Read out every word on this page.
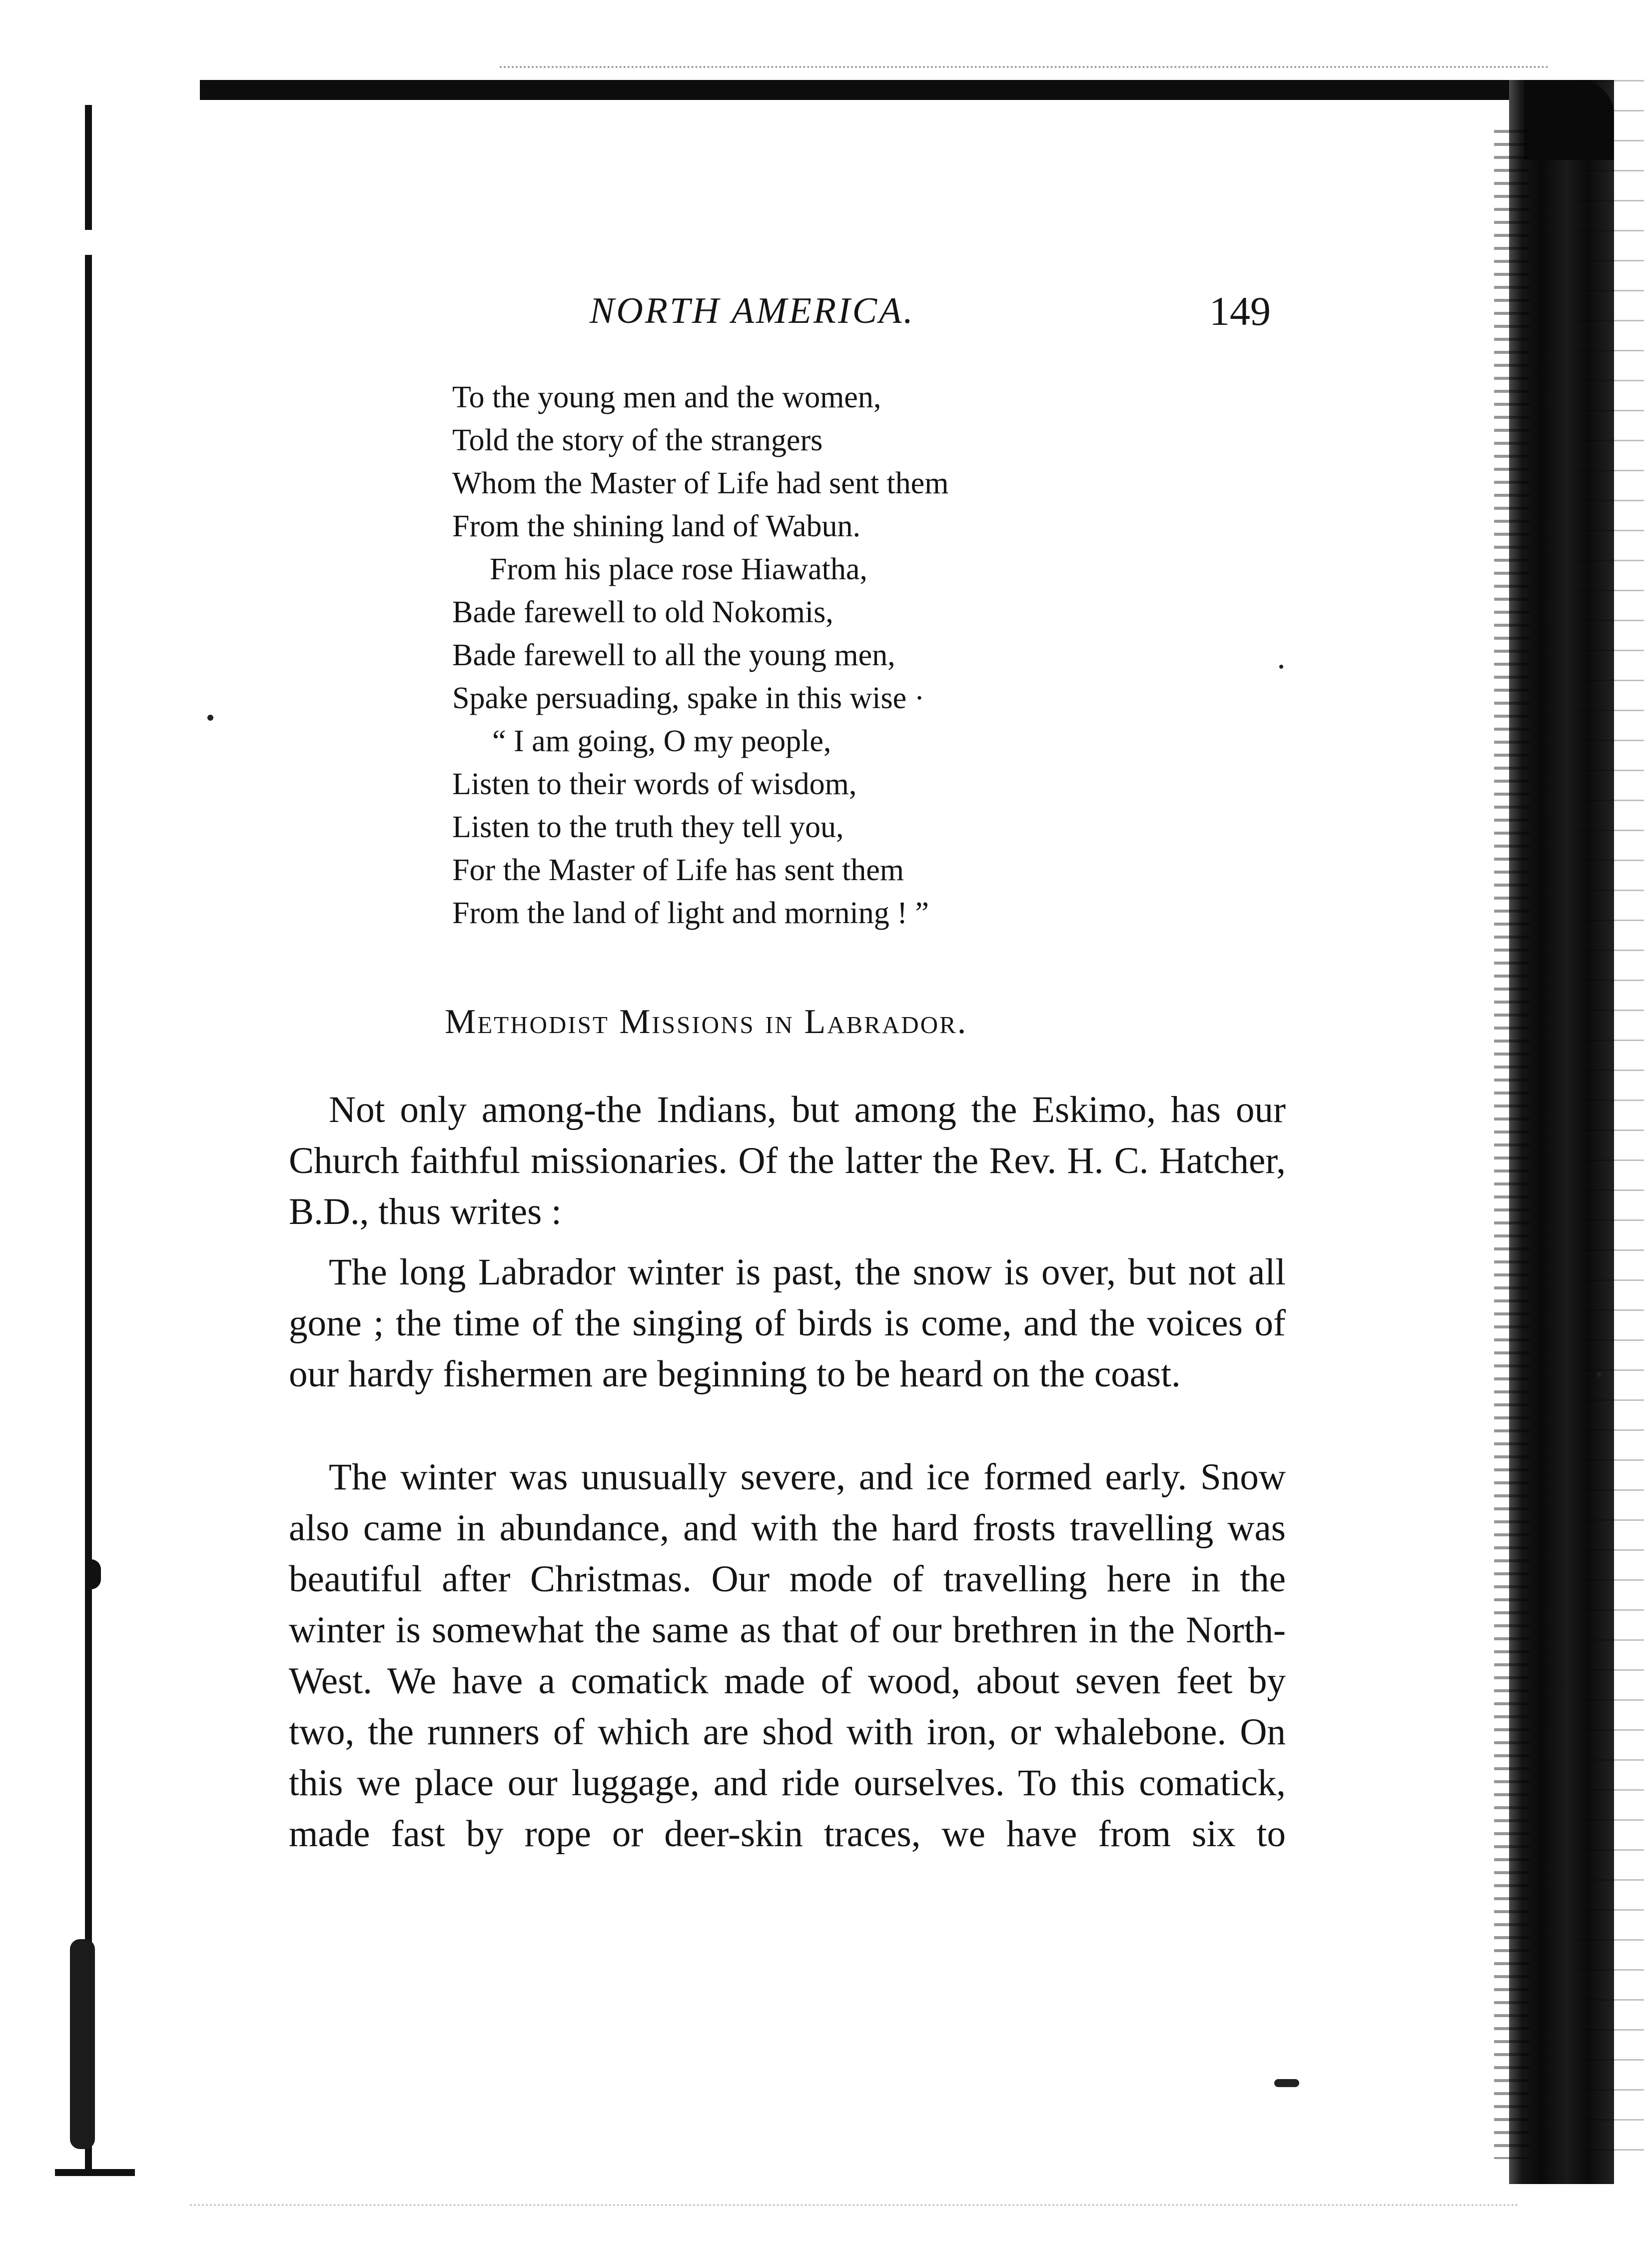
NORTH AMERICA.	149
To the young men and the women,
Told the story of the strangers
Whom the Master of Life had sent them
From the shining land of Wabun.
From his place rose Hiawatha,
Bade farewell to old Nokomis,
Bade farewell to all the young men,
Spake persuading, spake in this wise ·
“ I am going, O my people,
Listen to their words of wisdom,
Listen to the truth they tell you,
For the Master of Life has sent them
From the land of light and morning ! ”
Methodist Missions in Labrador.

Not only among-the Indians, but among the Eskimo, has our Church faithful missionaries. Of the latter the Rev. H. C. Hatcher, B.D., thus writes :

The long Labrador winter is past, the snow is over, but not all gone ; the time of the singing of birds is come, and the voices of our hardy fishermen are beginning to be heard on the coast.

The winter was unusually severe, and ice formed early. Snow also came in abundance, and with the hard frosts travelling was beautiful after Christmas. Our mode of travelling here in the winter is somewhat the same as that of our brethren in the North-West. We have a comatick made of wood, about seven feet by two, the runners of which are shod with iron, or whalebone. On this we place our luggage, and ride ourselves. To this comatick, made fast by rope or deer-skin traces, we have from six to
